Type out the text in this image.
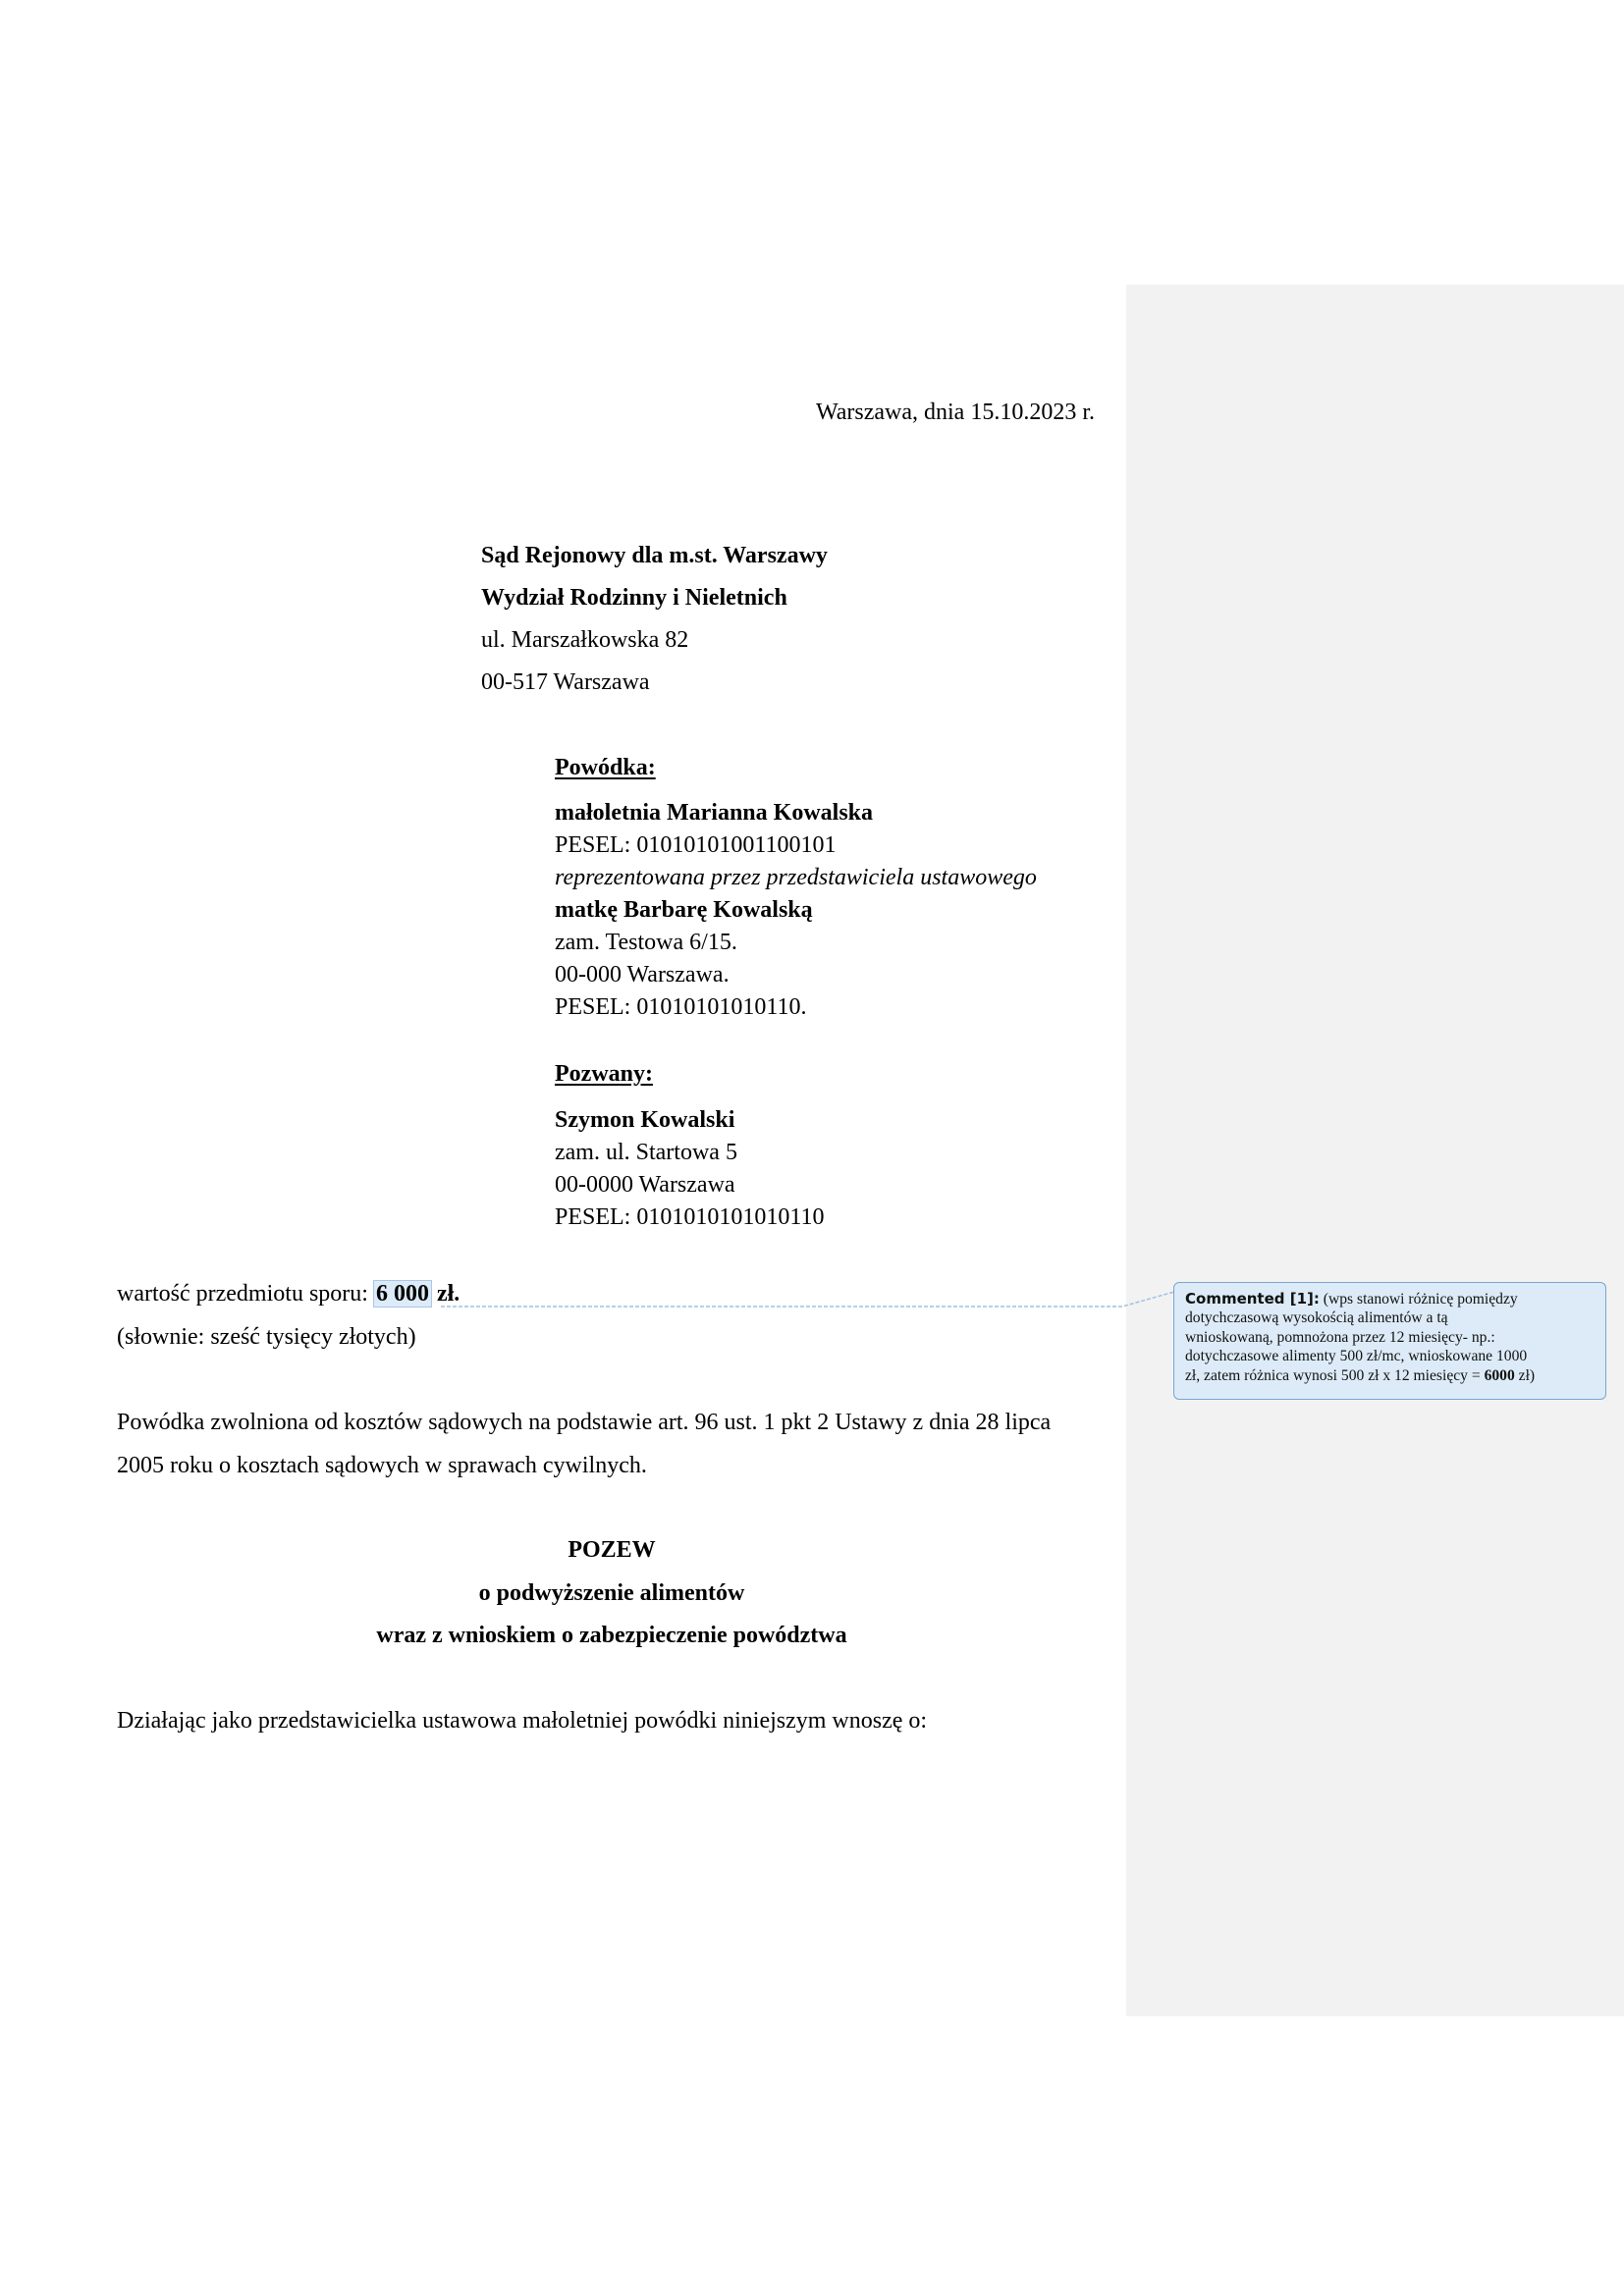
Warszawa, dnia 15.10.2023 r.
Sąd Rejonowy dla m.st. Warszawy
Wydział Rodzinny i Nieletnich
ul. Marszałkowska 82
00-517 Warszawa
Powódka:
małoletnia Marianna Kowalska
PESEL: 01010101001100101
reprezentowana przez przedstawiciela ustawowego
matkę Barbarę Kowalską
zam. Testowa 6/15.
00-000 Warszawa.
PESEL: 01010101010110.
Pozwany:
Szymon Kowalski
zam. ul. Startowa 5
00-0000 Warszawa
PESEL: 0101010101010110
wartość przedmiotu sporu: 6 000 zł.
(słownie: sześć tysięcy złotych)
Powódka zwolniona od kosztów sądowych na podstawie art. 96 ust. 1 pkt 2 Ustawy z dnia 28 lipca
2005 roku o kosztach sądowych w sprawach cywilnych.
POZEW
o podwyższenie alimentów
wraz z wnioskiem o zabezpieczenie powództwa
Działając jako przedstawicielka ustawowa małoletniej powódki niniejszym wnoszę o:
Commented [1]: (wps stanowi różnicę pomiędzy
dotychczasową wysokością alimentów a tą
wnioskowaną, pomnożona przez 12 miesięcy- np.:
dotychczasowe alimenty 500 zł/mc, wnioskowane 1000
zł, zatem różnica wynosi 500 zł x 12 miesięcy = 6000 zł)
